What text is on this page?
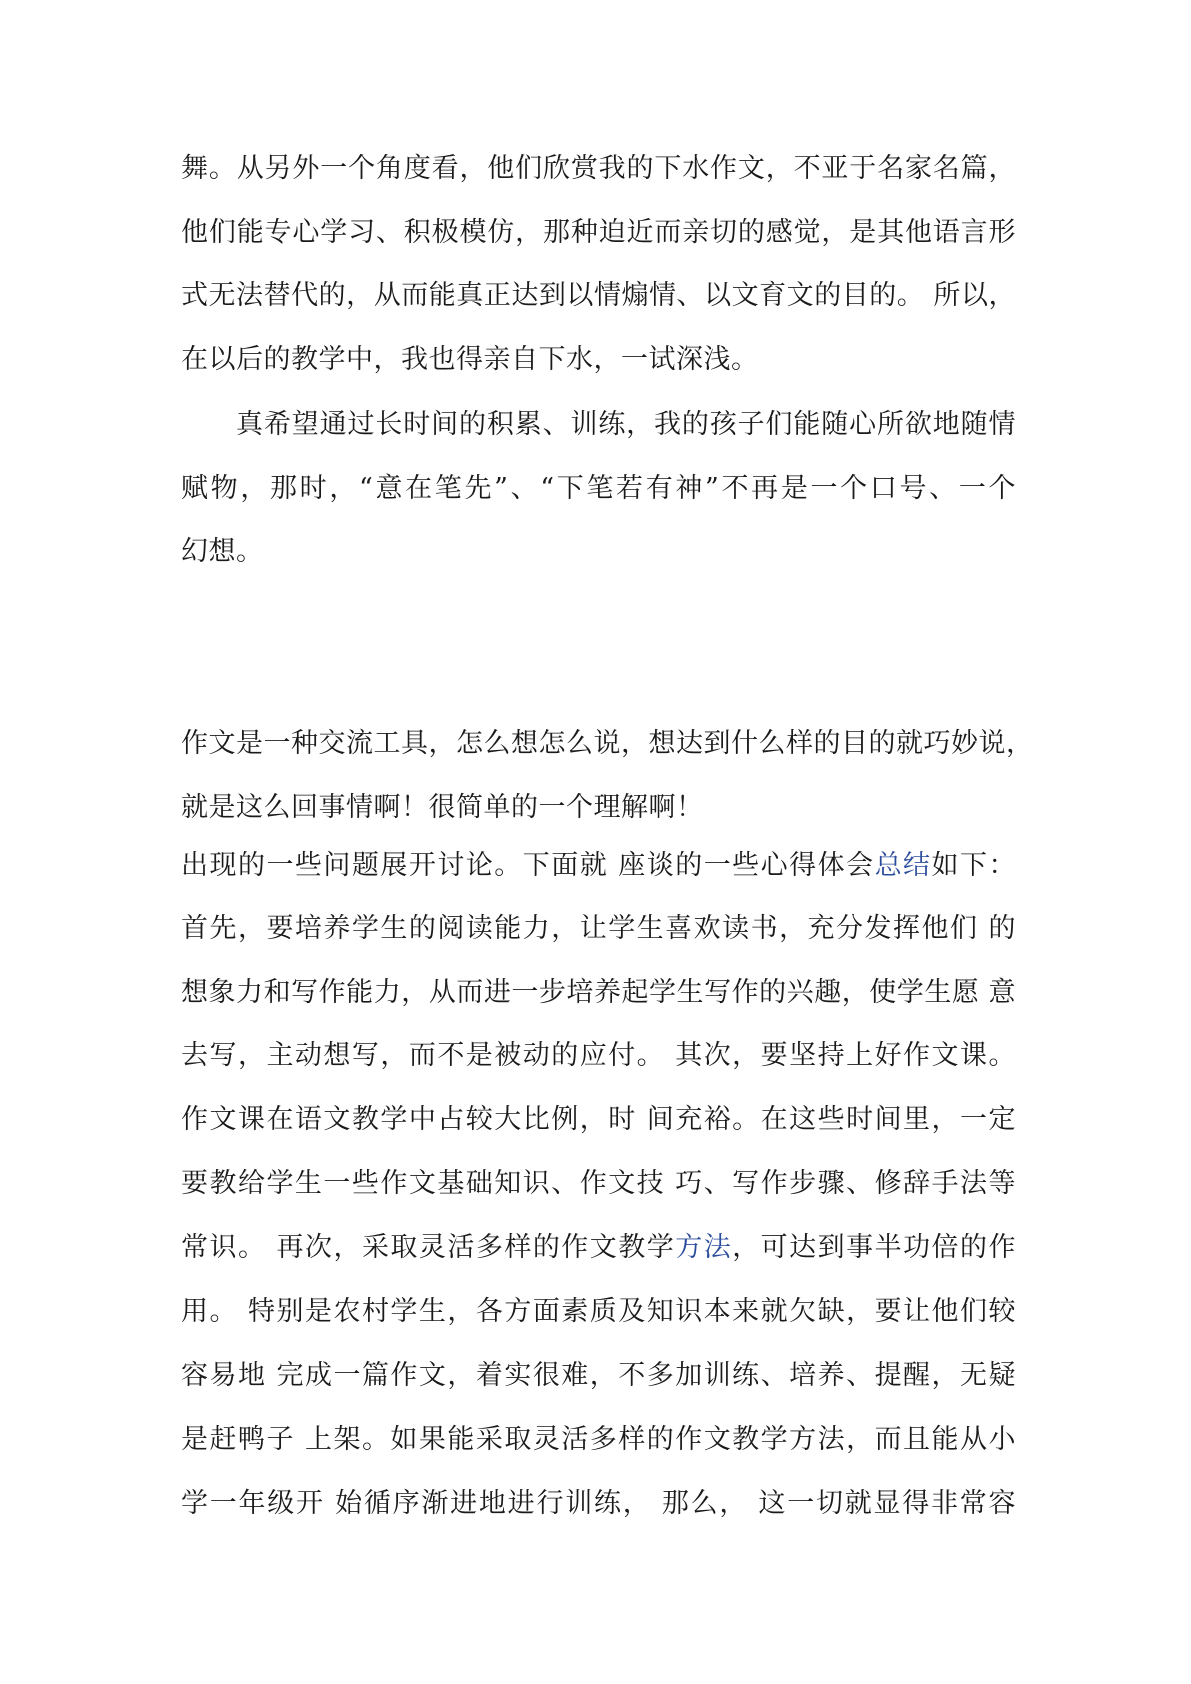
舞。从另外一个角度看，他们欣赏我的下水作文，不亚于名家名篇，
他们能专心学习、积极模仿，那种迫近而亲切的感觉，是其他语言形
式无法替代的，从而能真正达到以情煽情、以文育文的目的。 所以，
在以后的教学中，我也得亲自下水，一试深浅。
真希望通过长时间的积累、训练，我的孩子们能随心所欲地随情
赋物，那时，“意在笔先”、“下笔若有神”不再是一个口号、一个
幻想。
作文是一种交流工具，怎么想怎么说，想达到什么样的目的就巧妙说，
就是这么回事情啊！很简单的一个理解啊！
出现的一些问题展开讨论。下面就 座谈的一些心得体会总结如下：
首先，要培养学生的阅读能力，让学生喜欢读书，充分发挥他们 的
想象力和写作能力，从而进一步培养起学生写作的兴趣，使学生愿 意
去写，主动想写，而不是被动的应付。 其次，要坚持上好作文课。
作文课在语文教学中占较大比例，时 间充裕。在这些时间里，一定
要教给学生一些作文基础知识、作文技 巧、写作步骤、修辞手法等
常识。 再次，采取灵活多样的作文教学方法，可达到事半功倍的作
用。 特别是农村学生，各方面素质及知识本来就欠缺，要让他们较
容易地 完成一篇作文，着实很难，不多加训练、培养、提醒，无疑
是赶鸭子 上架。如果能采取灵活多样的作文教学方法，而且能从小
学一年级开 始循序渐进地进行训练， 那么， 这一切就显得非常容
